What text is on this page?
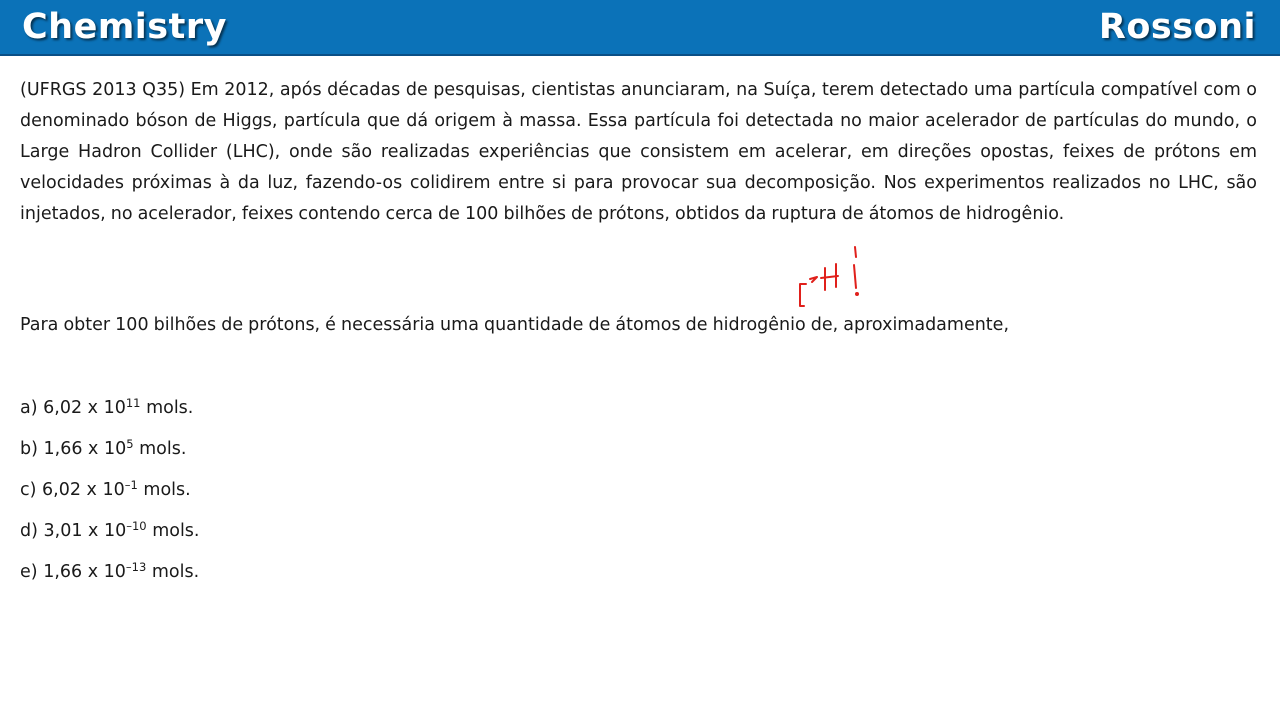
Chemistry	Rossoni

(UFRGS 2013 Q35) Em 2012, após décadas de pesquisas, cientistas anunciaram, na Suíça, terem detectado uma partícula compatível com o denominado bóson de Higgs, partícula que dá origem à massa. Essa partícula foi detectada no maior acelerador de partículas do mundo, o Large Hadron Collider (LHC), onde são realizadas experiências que consistem em acelerar, em direções opostas, feixes de prótons em velocidades próximas à da luz, fazendo-os colidirem entre si para provocar sua decomposição. Nos experimentos realizados no LHC, são injetados, no acelerador, feixes contendo cerca de 100 bilhões de prótons, obtidos da ruptura de átomos de hidrogênio.

Para obter 100 bilhões de prótons, é necessária uma quantidade de átomos de hidrogênio de, aproximadamente,

a) 6,02 x $10^{11}$ mols.
b) 1,66 x $10^5$ mols.
c) 6,02 x $10^{-1}$ mols.
d) 3,01 x $10^{-10}$ mols.
e) 1,66 x $10^{-13}$ mols.
